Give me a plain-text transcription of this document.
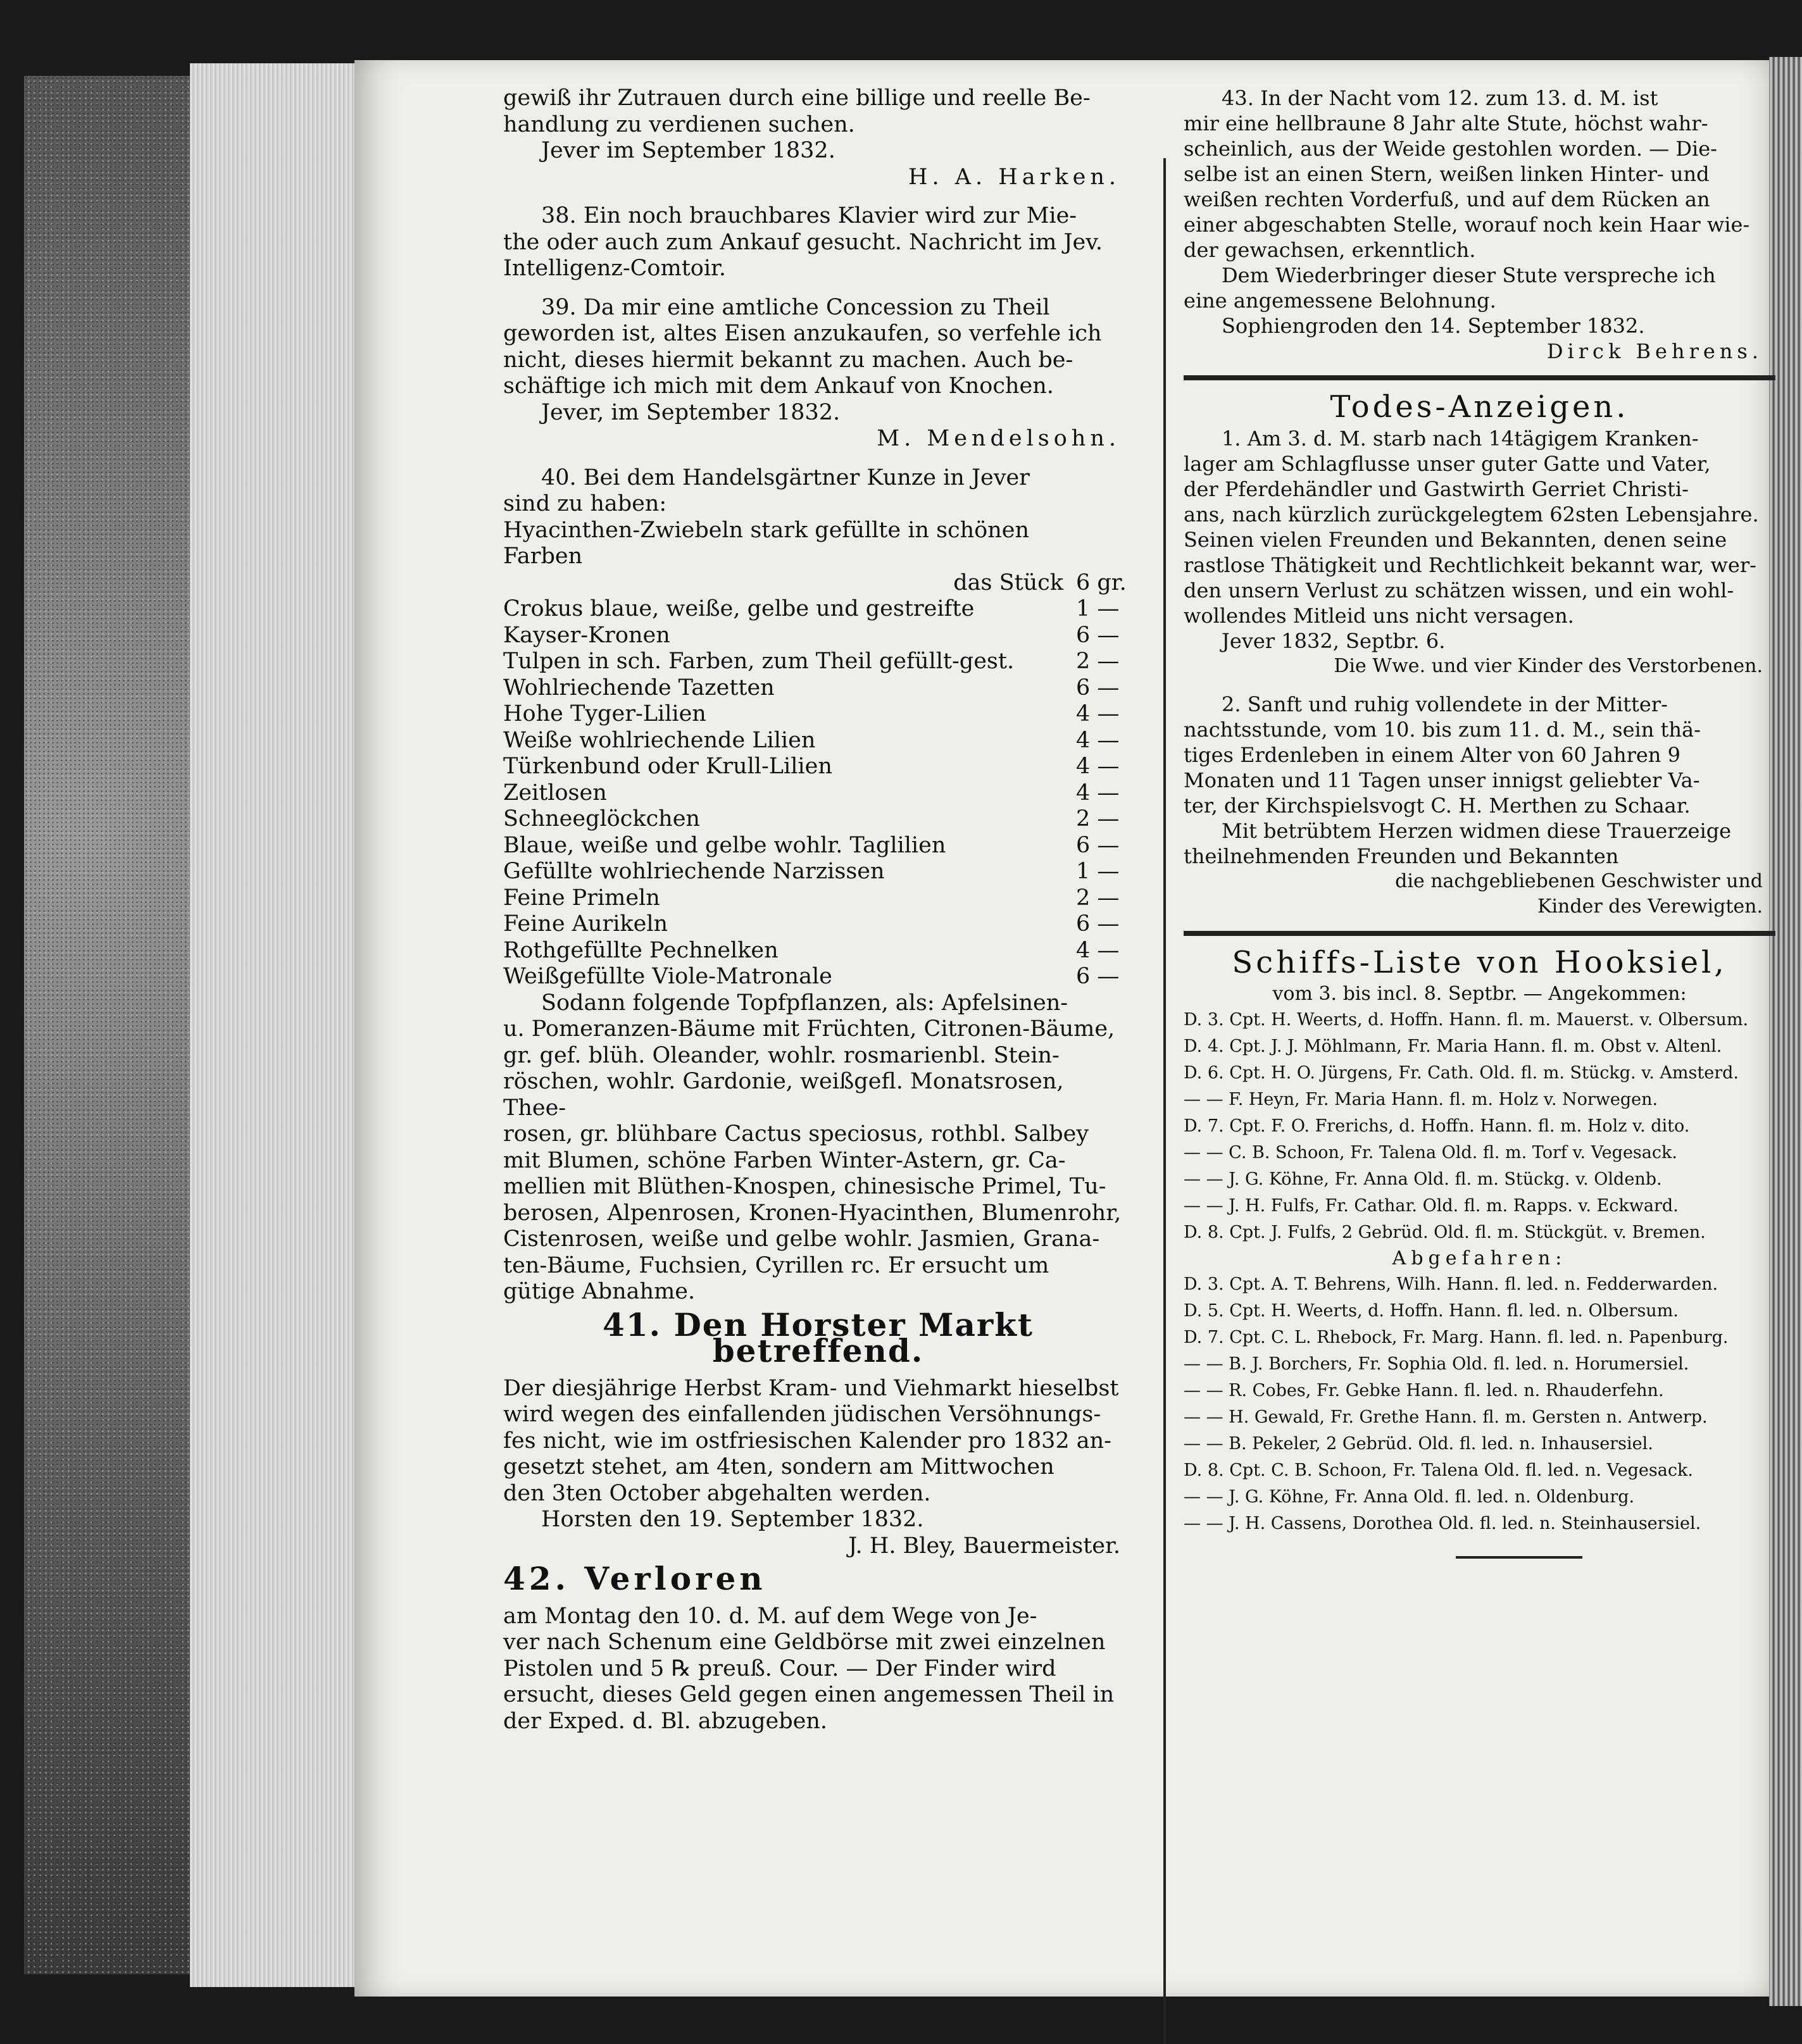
gewiß ihr Zutrauen durch eine billige und reelle Be-

handlung zu verdienen suchen.

Jever im September 1832.

H. A. Harken.

38. Ein noch brauchbares Klavier wird zur Mie-

the oder auch zum Ankauf gesucht. Nachricht im Jev.

Intelligenz-Comtoir.

39. Da mir eine amtliche Concession zu Theil

geworden ist, altes Eisen anzukaufen, so verfehle ich

nicht, dieses hiermit bekannt zu machen. Auch be-

schäftige ich mich mit dem Ankauf von Knochen.

Jever, im September 1832.

M. Mendelsohn.

40. Bei dem Handelsgärtner Kunze in Jever

sind zu haben:

Hyacinthen-Zwiebeln stark gefüllte in schönen Farben
das Stück 6 gr.
Crokus blaue, weiße, gelbe und gestreifte	1 —
Kayser-Kronen	6 —
Tulpen in sch. Farben, zum Theil gefüllt-gest.	2 —
Wohlriechende Tazetten	6 —
Hohe Tyger-Lilien	4 —
Weiße wohlriechende Lilien	4 —
Türkenbund oder Krull-Lilien	4 —
Zeitlosen	4 —
Schneeglöckchen	2 —
Blaue, weiße und gelbe wohlr. Taglilien	6 —
Gefüllte wohlriechende Narzissen	1 —
Feine Primeln	2 —
Feine Aurikeln	6 —
Rothgefüllte Pechnelken	4 —
Weißgefüllte Viole-Matronale	6 —

Sodann folgende Topfpflanzen, als: Apfelsinen-

u. Pomeranzen-Bäume mit Früchten, Citronen-Bäume,

gr. gef. blüh. Oleander, wohlr. rosmarienbl. Stein-

röschen, wohlr. Gardonie, weißgefl. Monatsrosen, Thee-

rosen, gr. blühbare Cactus speciosus, rothbl. Salbey

mit Blumen, schöne Farben Winter-Astern, gr. Ca-

mellien mit Blüthen-Knospen, chinesische Primel, Tu-

berosen, Alpenrosen, Kronen-Hyacinthen, Blumenrohr,

Cistenrosen, weiße und gelbe wohlr. Jasmien, Grana-

ten-Bäume, Fuchsien, Cyrillen rc. Er ersucht um

gütige Abnahme.

41. Den Horster Markt betreffend.

Der diesjährige Herbst Kram- und Viehmarkt hieselbst

wird wegen des einfallenden jüdischen Versöhnungs-

fes nicht, wie im ostfriesischen Kalender pro 1832 an-

gesetzt stehet, am 4ten, sondern am Mittwochen

den 3ten October abgehalten werden.

Horsten den 19. September 1832.

J. H. Bley, Bauermeister.

42. Verloren

am Montag den 10. d. M. auf dem Wege von Je-

ver nach Schenum eine Geldbörse mit zwei einzelnen

Pistolen und 5 ℞ preuß. Cour. — Der Finder wird

ersucht, dieses Geld gegen einen angemessen Theil in

der Exped. d. Bl. abzugeben.

43. In der Nacht vom 12. zum 13. d. M. ist

mir eine hellbraune 8 Jahr alte Stute, höchst wahr-

scheinlich, aus der Weide gestohlen worden. — Die-

selbe ist an einen Stern, weißen linken Hinter- und

weißen rechten Vorderfuß, und auf dem Rücken an

einer abgeschabten Stelle, worauf noch kein Haar wie-

der gewachsen, erkenntlich.

Dem Wiederbringer dieser Stute verspreche ich

eine angemessene Belohnung.

Sophiengroden den 14. September 1832.

Dirck Behrens.

Todes-Anzeigen.

1. Am 3. d. M. starb nach 14tägigem Kranken-

lager am Schlagflusse unser guter Gatte und Vater,

der Pferdehändler und Gastwirth Gerriet Christi-

ans, nach kürzlich zurückgelegtem 62sten Lebensjahre.

Seinen vielen Freunden und Bekannten, denen seine

rastlose Thätigkeit und Rechtlichkeit bekannt war, wer-

den unsern Verlust zu schätzen wissen, und ein wohl-

wollendes Mitleid uns nicht versagen.

Jever 1832, Septbr. 6.

Die Wwe. und vier Kinder des Verstorbenen.

2. Sanft und ruhig vollendete in der Mitter-

nachtsstunde, vom 10. bis zum 11. d. M., sein thä-

tiges Erdenleben in einem Alter von 60 Jahren 9

Monaten und 11 Tagen unser innigst geliebter Va-

ter, der Kirchspielsvogt C. H. Merthen zu Schaar.

Mit betrübtem Herzen widmen diese Trauerzeige

theilnehmenden Freunden und Bekannten

die nachgebliebenen Geschwister und

Kinder des Verewigten.

Schiffs-Liste von Hooksiel,

vom 3. bis incl. 8. Septbr. — Angekommen:

D. 3. Cpt. H. Weerts, d. Hoffn. Hann. fl. m. Mauerst. v. Olbersum.

D. 4. Cpt. J. J. Möhlmann, Fr. Maria Hann. fl. m. Obst v. Altenl.

D. 6. Cpt. H. O. Jürgens, Fr. Cath. Old. fl. m. Stückg. v. Amsterd.

— — F. Heyn, Fr. Maria Hann. fl. m. Holz v. Norwegen.

D. 7. Cpt. F. O. Frerichs, d. Hoffn. Hann. fl. m. Holz v. dito.

— — C. B. Schoon, Fr. Talena Old. fl. m. Torf v. Vegesack.

— — J. G. Köhne, Fr. Anna Old. fl. m. Stückg. v. Oldenb.

— — J. H. Fulfs, Fr. Cathar. Old. fl. m. Rapps. v. Eckward.

D. 8. Cpt. J. Fulfs, 2 Gebrüd. Old. fl. m. Stückgüt. v. Bremen.

Abgefahren:

D. 3. Cpt. A. T. Behrens, Wilh. Hann. fl. led. n. Fedderwarden.

D. 5. Cpt. H. Weerts, d. Hoffn. Hann. fl. led. n. Olbersum.

D. 7. Cpt. C. L. Rhebock, Fr. Marg. Hann. fl. led. n. Papenburg.

— — B. J. Borchers, Fr. Sophia Old. fl. led. n. Horumersiel.

— — R. Cobes, Fr. Gebke Hann. fl. led. n. Rhauderfehn.

— — H. Gewald, Fr. Grethe Hann. fl. m. Gersten n. Antwerp.

— — B. Pekeler, 2 Gebrüd. Old. fl. led. n. Inhausersiel.

D. 8. Cpt. C. B. Schoon, Fr. Talena Old. fl. led. n. Vegesack.

— — J. G. Köhne, Fr. Anna Old. fl. led. n. Oldenburg.

— — J. H. Cassens, Dorothea Old. fl. led. n. Steinhausersiel.
